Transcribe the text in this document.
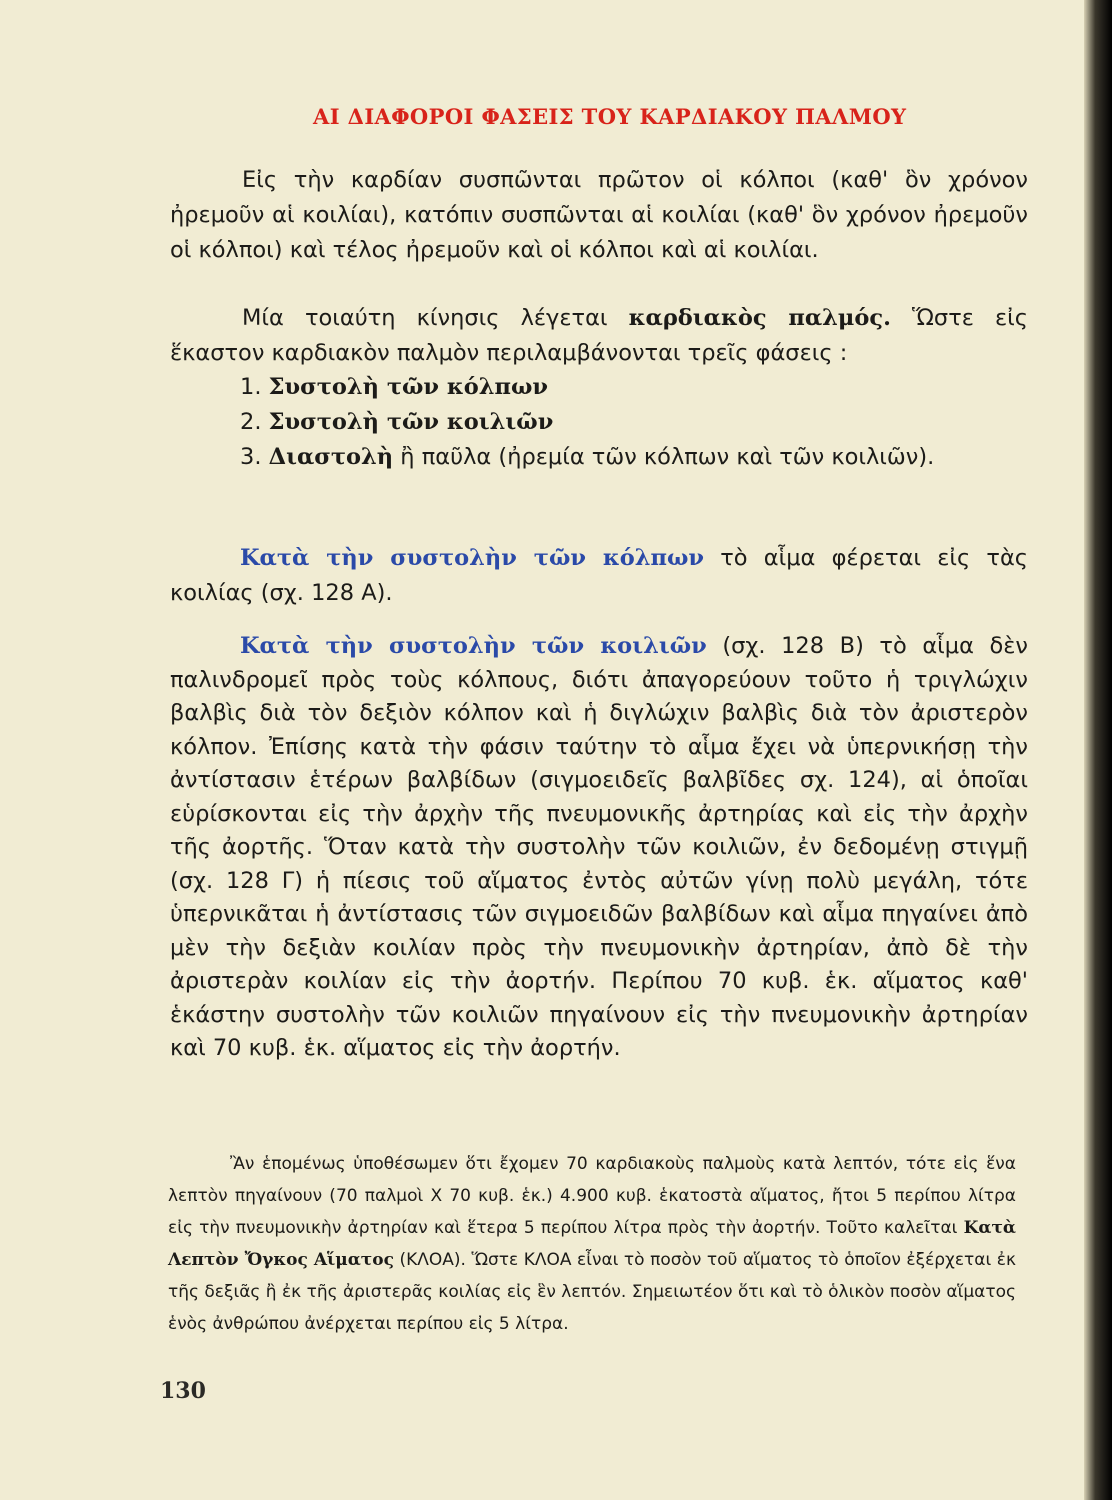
ΑΙ ΔΙΑΦΟΡΟΙ ΦΑΣΕΙΣ ΤΟΥ ΚΑΡΔΙΑΚΟΥ ΠΑΛΜΟΥ
Εἰς τὴν καρδίαν συσπῶνται πρῶτον οἱ κόλποι (καθ' ὃν χρόνον ἠρεμοῦν αἱ κοιλίαι), κατόπιν συσπῶνται αἱ κοιλίαι (καθ' ὃν χρόνον ἠρεμοῦν οἱ κόλποι) καὶ τέλος ἠρεμοῦν καὶ οἱ κόλποι καὶ αἱ κοιλίαι.
Μία τοιαύτη κίνησις λέγεται καρδιακὸς παλμός. Ὥστε εἰς ἕκαστον καρδιακὸν παλμὸν περιλαμβάνονται τρεῖς φάσεις :
1. Συστολὴ τῶν κόλπων
2. Συστολὴ τῶν κοιλιῶν
3. Διαστολὴ ἢ παῦλα (ἠρεμία τῶν κόλπων καὶ τῶν κοιλιῶν).
Κατὰ τὴν συστολὴν τῶν κόλπων τὸ αἷμα φέρεται εἰς τὰς κοιλίας (σχ. 128 Α).
Κατὰ τὴν συστολὴν τῶν κοιλιῶν (σχ. 128 Β) τὸ αἷμα δὲν παλινδρομεῖ πρὸς τοὺς κόλπους, διότι ἀπαγορεύουν τοῦτο ἡ τριγλώχιν βαλβὶς διὰ τὸν δεξιὸν κόλπον καὶ ἡ διγλώχιν βαλβὶς διὰ τὸν ἀριστερὸν κόλπον. Ἐπίσης κατὰ τὴν φάσιν ταύτην τὸ αἷμα ἔχει νὰ ὑπερνικήσῃ τὴν ἀντίστασιν ἑτέρων βαλβίδων (σιγμοειδεῖς βαλβῖδες σχ. 124), αἱ ὁποῖαι εὑρίσκονται εἰς τὴν ἀρχὴν τῆς πνευμονικῆς ἀρτηρίας καὶ εἰς τὴν ἀρχὴν τῆς ἀορτῆς. Ὅταν κατὰ τὴν συστολὴν τῶν κοιλιῶν, ἐν δεδομένῃ στιγμῇ (σχ. 128 Γ) ἡ πίεσις τοῦ αἵματος ἐντὸς αὐτῶν γίνῃ πολὺ μεγάλη, τότε ὑπερνικᾶται ἡ ἀντίστασις τῶν σιγμοειδῶν βαλβίδων καὶ αἷμα πηγαίνει ἀπὸ μὲν τὴν δεξιὰν κοιλίαν πρὸς τὴν πνευμονικὴν ἀρτηρίαν, ἀπὸ δὲ τὴν ἀριστερὰν κοιλίαν εἰς τὴν ἀορτήν. Περίπου 70 κυβ. ἑκ. αἵματος καθ' ἑκάστην συστολὴν τῶν κοιλιῶν πηγαίνουν εἰς τὴν πνευμονικὴν ἀρτηρίαν καὶ 70 κυβ. ἑκ. αἵματος εἰς τὴν ἀορτήν.
Ἂν ἑπομένως ὑποθέσωμεν ὅτι ἔχομεν 70 καρδιακοὺς παλμοὺς κατὰ λεπτόν, τότε εἰς ἕνα λεπτὸν πηγαίνουν (70 παλμοὶ Χ 70 κυβ. ἑκ.) 4.900 κυβ. ἑκατοστὰ αἵματος, ἤτοι 5 περίπου λίτρα εἰς τὴν πνευμονικὴν ἀρτηρίαν καὶ ἕτερα 5 περίπου λίτρα πρὸς τὴν ἀορτήν. Τοῦτο καλεῖται Κατὰ Λεπτὸν Ὄγκος Αἵματος (ΚΛΟΑ). Ὥστε ΚΛΟΑ εἶναι τὸ ποσὸν τοῦ αἵματος τὸ ὁποῖον ἐξέρχεται ἐκ τῆς δεξιᾶς ἢ ἐκ τῆς ἀριστερᾶς κοιλίας εἰς ἓν λεπτόν. Σημειωτέον ὅτι καὶ τὸ ὁλικὸν ποσὸν αἵματος ἑνὸς ἀνθρώπου ἀνέρχεται περίπου εἰς 5 λίτρα.
130
